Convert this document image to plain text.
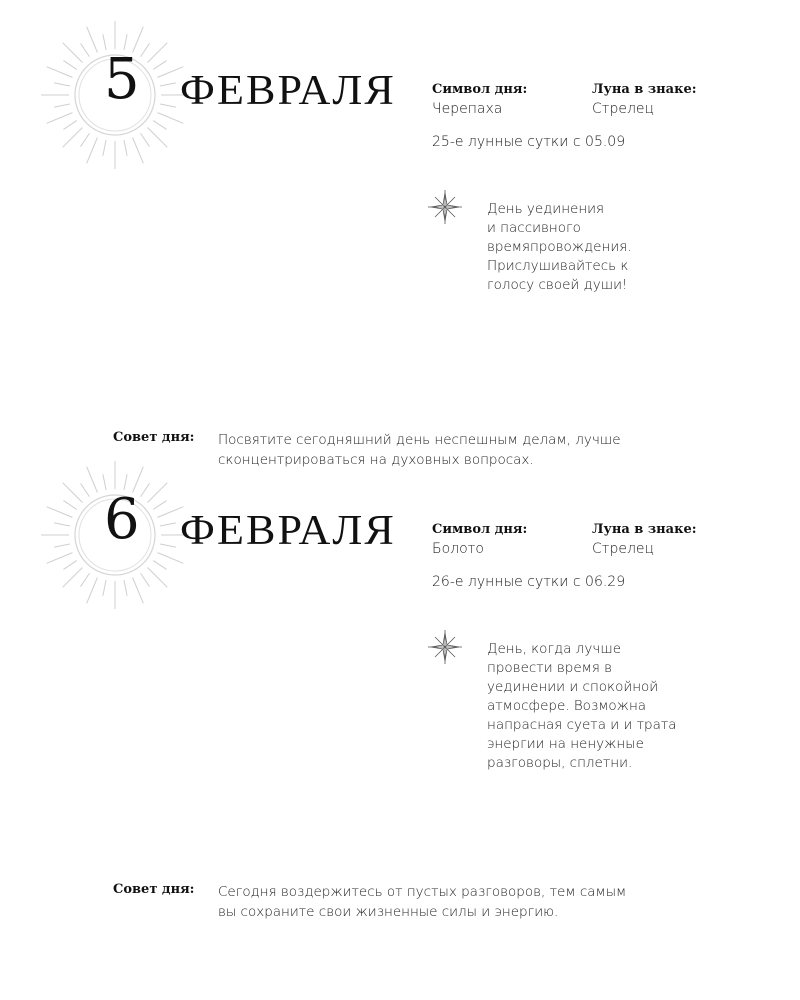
5 ФЕВРАЛЯ	Символ дня:
Черепаха
Луна в знаке:
Стрелец
25-е лунные сутки с 05.09
День уединения
и пассивного
времяпровождения.
Прислушивайтесь к
голосу своей души!
Совет дня: Посвятите сегодняшний день неспешным делам, лучше
сконцентрироваться на духовных вопросах.
6 ФЕВРАЛЯ	Символ дня:
Болото
Луна в знаке:
Стрелец
26-е лунные сутки с 06.29
День, когда лучше
провести время в
уединении и спокойной
атмосфере. Возможна
напрасная суета и и трата
энергии на ненужные
разговоры, сплетни.
Совет дня: Сегодня воздержитесь от пустых разговоров, тем самым
вы сохраните свои жизненные силы и энергию.
